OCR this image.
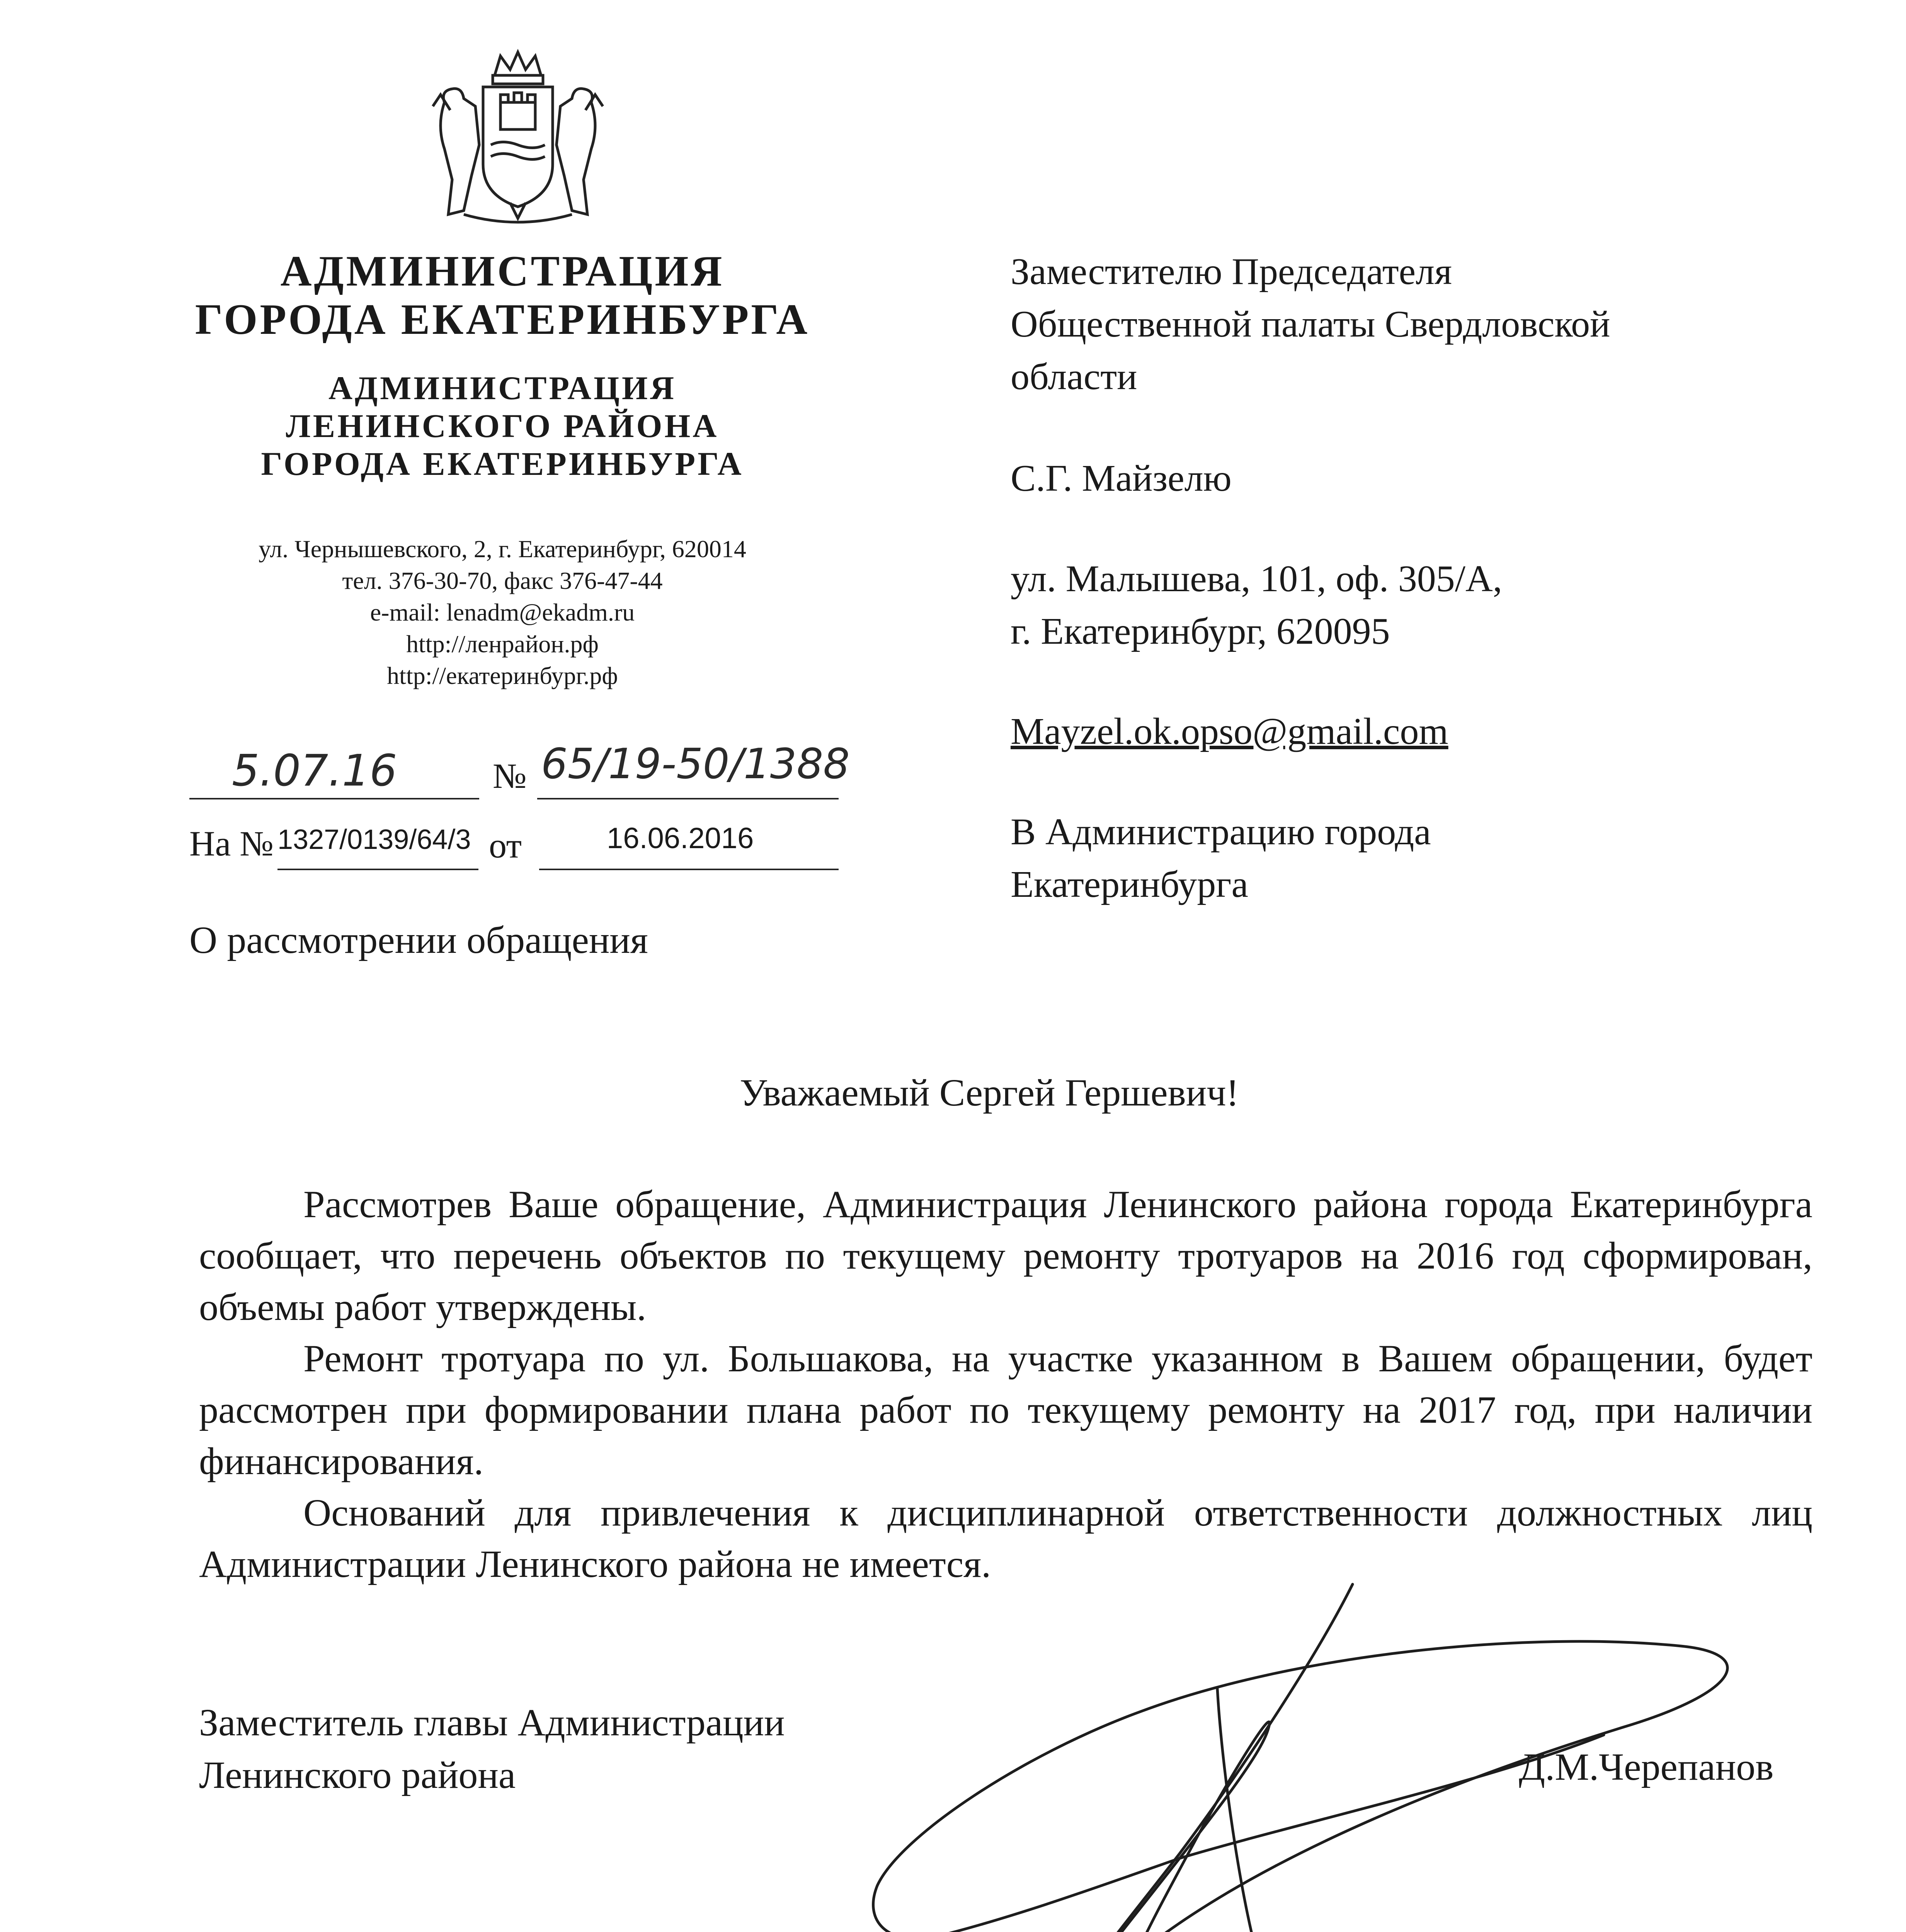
АДМИНИСТРАЦИЯ
ГОРОДА ЕКАТЕРИНБУРГА
АДМИНИСТРАЦИЯ
ЛЕНИНСКОГО РАЙОНА
ГОРОДА ЕКАТЕРИНБУРГА
ул. Чернышевского, 2, г. Екатеринбург, 620014
тел. 376-30-70, факс 376-47-44
e-mail: lenadm@ekadm.ru
http://ленрайон.рф
http://екатеринбург.рф
5.07.16	№ 65/19-50/1388
На № 1327/0139/64/3 от	16.06.2016
О рассмотрении обращения
Заместителю Председателя
Общественной палаты Свердловской
области
С.Г. Майзелю
ул. Малышева, 101, оф. 305/А,
г. Екатеринбург, 620095
Mayzel.ok.opso@gmail.com
В Администрацию города
Екатеринбурга
Уважаемый Сергей Гершевич!

Рассмотрев Ваше обращение, Администрация Ленинского района города Екатеринбурга сообщает, что перечень объектов по текущему ремонту тротуаров на 2016 год сформирован, объемы работ утверждены.

Ремонт тротуара по ул. Большакова, на участке указанном в Вашем обращении, будет рассмотрен при формировании плана работ по текущему ремонту на 2017 год, при наличии финансирования.

Оснований для привлечения к дисциплинарной ответственности должностных лиц Администрации Ленинского района не имеется.

Заместитель главы Администрации
Ленинского района	Д.М.Черепанов
